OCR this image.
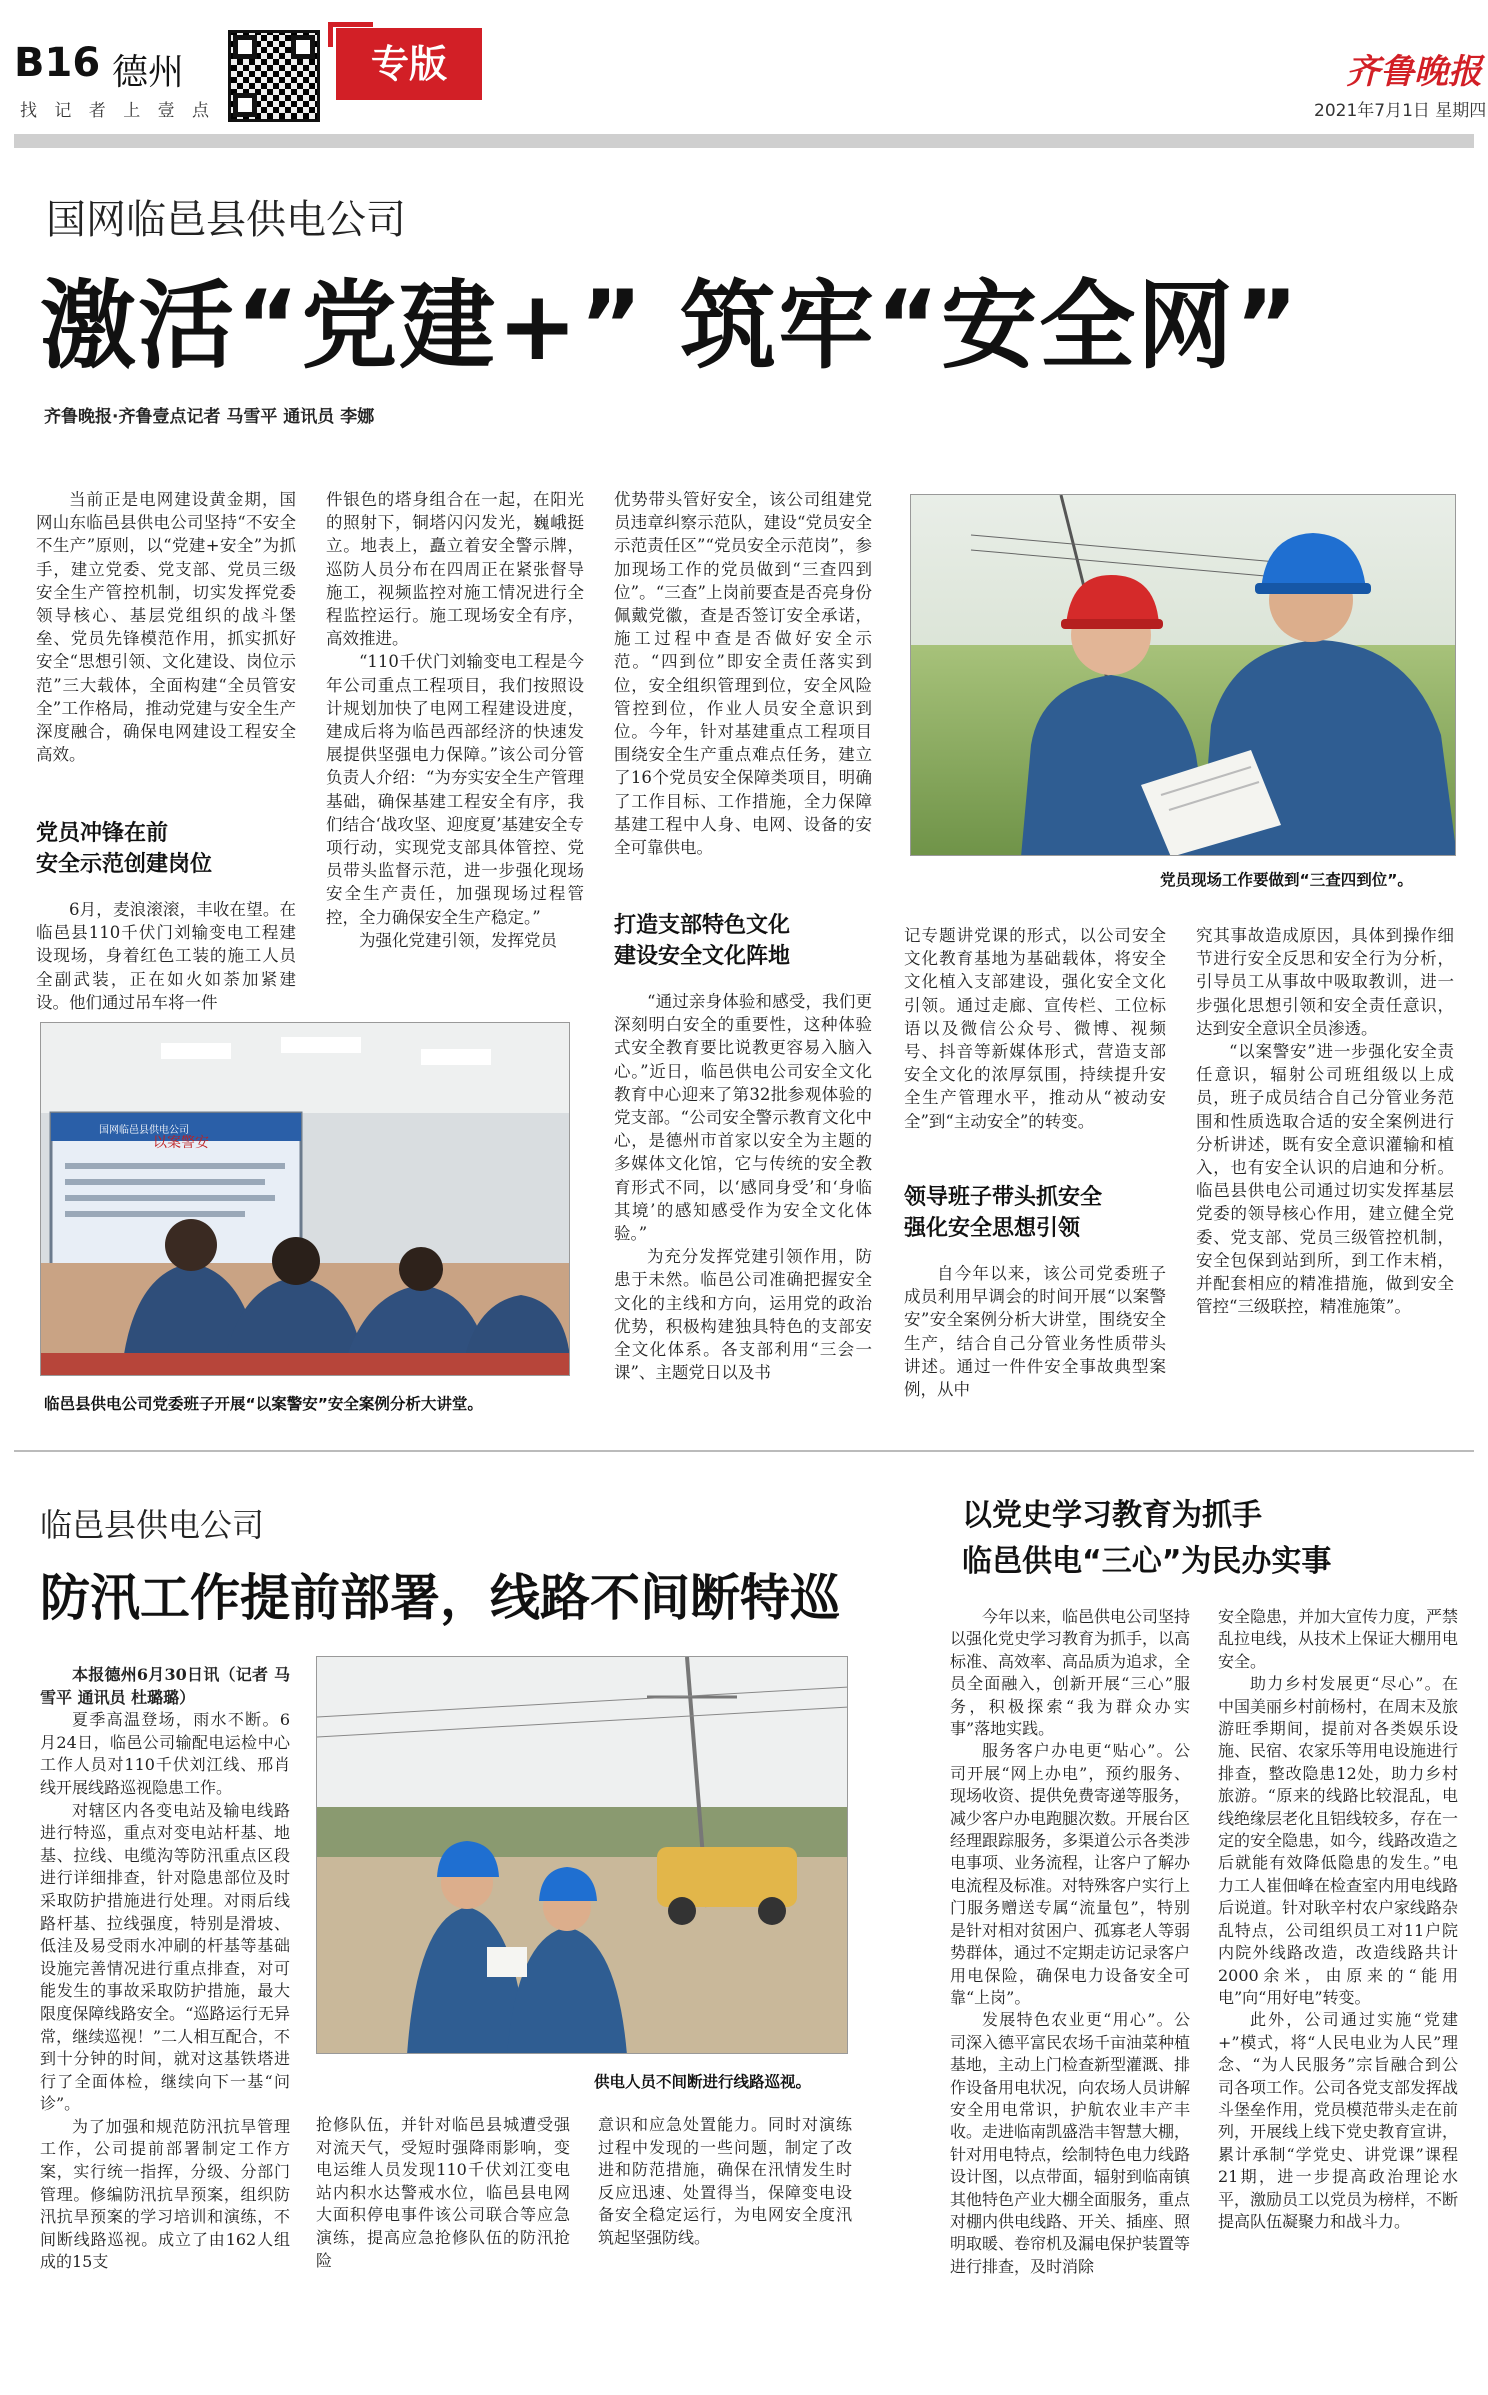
B16 德州
找 记 者 上 壹 点
专版	齐鲁晚报
2021年7月1日 星期四
国网临邑县供电公司
激活“党建+” 筑牢“安全网”
齐鲁晚报·齐鲁壹点记者 马雪平 通讯员 李娜

当前正是电网建设黄金期，国网山东临邑县供电公司坚持“不安全不生产”原则，以“党建+安全”为抓手，建立党委、党支部、党员三级安全生产管控机制，切实发挥党委领导核心、基层党组织的战斗堡垒、党员先锋模范作用，抓实抓好安全“思想引领、文化建设、岗位示范”三大载体，全面构建“全员管安全”工作格局，推动党建与安全生产深度融合，确保电网建设工程安全高效。

党员冲锋在前
安全示范创建岗位

6月，麦浪滚滚，丰收在望。在临邑县110千伏门刘输变电工程建设现场，身着红色工装的施工人员全副武装，正在如火如荼加紧建设。他们通过吊车将一件

件银色的塔身组合在一起，在阳光的照射下，铜塔闪闪发光，巍峨挺立。地表上，矗立着安全警示牌，巡防人员分布在四周正在紧张督导施工，视频监控对施工情况进行全程监控运行。施工现场安全有序，高效推进。

“110千伏门刘输变电工程是今年公司重点工程项目，我们按照设计规划加快了电网工程建设进度，建成后将为临邑西部经济的快速发展提供坚强电力保障。”该公司分管负责人介绍：“为夯实安全生产管理基础，确保基建工程安全有序，我们结合‘战攻坚、迎度夏’基建安全专项行动，实现党支部具体管控、党员带头监督示范，进一步强化现场安全生产责任，加强现场过程管控，全力确保安全生产稳定。”

为强化党建引领，发挥党员

优势带头管好安全，该公司组建党员违章纠察示范队，建设“党员安全示范责任区”“党员安全示范岗”，参加现场工作的党员做到“三查四到位”。“三查”上岗前要查是否亮身份佩戴党徽，查是否签订安全承诺，施工过程中查是否做好安全示范。“四到位”即安全责任落实到位，安全组织管理到位，安全风险管控到位，作业人员安全意识到位。今年，针对基建重点工程项目围绕安全生产重点难点任务，建立了16个党员安全保障类项目，明确了工作目标、工作措施，全力保障基建工程中人身、电网、设备的安全可靠供电。

打造支部特色文化
建设安全文化阵地

“通过亲身体验和感受，我们更深刻明白安全的重要性，这种体验式安全教育要比说教更容易入脑入心。”近日，临邑供电公司安全文化教育中心迎来了第32批参观体验的党支部。“公司安全警示教育文化中心，是德州市首家以安全为主题的多媒体文化馆，它与传统的安全教育形式不同，以‘感同身受’和‘身临其境’的感知感受作为安全文化体验。”

为充分发挥党建引领作用，防患于未然。临邑公司准确把握安全文化的主线和方向，运用党的政治优势，积极构建独具特色的支部安全文化体系。各支部利用“三会一课”、主题党日以及书

党员现场工作要做到“三查四到位”。

记专题讲党课的形式，以公司安全文化教育基地为基础载体，将安全文化植入支部建设，强化安全文化引领。通过走廊、宣传栏、工位标语以及微信公众号、微博、视频号、抖音等新媒体形式，营造支部安全文化的浓厚氛围，持续提升安全生产管理水平，推动从“被动安全”到“主动安全”的转变。

领导班子带头抓安全
强化安全思想引领

自今年以来，该公司党委班子成员利用早调会的时间开展“以案警安”安全案例分析大讲堂，围绕安全生产，结合自己分管业务性质带头讲述。通过一件件安全事故典型案例，从中

究其事故造成原因，具体到操作细节进行安全反思和安全行为分析，引导员工从事故中吸取教训，进一步强化思想引领和安全责任意识，达到安全意识全员渗透。

“以案警安”进一步强化安全责任意识，辐射公司班组级以上成员，班子成员结合自己分管业务范围和性质选取合适的安全案例进行分析讲述，既有安全意识灌输和植入，也有安全认识的启迪和分析。临邑县供电公司通过切实发挥基层党委的领导核心作用，建立健全党委、党支部、党员三级管控机制，安全包保到站到所，到工作末梢，并配套相应的精准措施，做到安全管控“三级联控，精准施策”。

以案警安
国网临邑县供电公司
临邑县供电公司党委班子开展“以案警安”安全案例分析大讲堂。
临邑县供电公司
防汛工作提前部署，线路不间断特巡

本报德州6月30日讯（记者 马雪平 通讯员 杜璐璐）

夏季高温登场，雨水不断。6月24日，临邑公司输配电运检中心工作人员对110千伏刘江线、邢肖线开展线路巡视隐患工作。

对辖区内各变电站及输电线路进行特巡，重点对变电站杆基、地基、拉线、电缆沟等防汛重点区段进行详细排查，针对隐患部位及时采取防护措施进行处理。对雨后线路杆基、拉线强度，特别是滑坡、低洼及易受雨水冲刷的杆基等基础设施完善情况进行重点排查，对可能发生的事故采取防护措施，最大限度保障线路安全。“巡路运行无异常，继续巡视！”二人相互配合，不到十分钟的时间，就对这基铁塔进行了全面体检，继续向下一基“问诊”。

为了加强和规范防汛抗旱管理工作，公司提前部署制定工作方案，实行统一指挥，分级、分部门管理。修编防汛抗旱预案，组织防汛抗旱预案的学习培训和演练，不间断线路巡视。成立了由162人组成的15支

供电人员不间断进行线路巡视。

抢修队伍，并针对临邑县城遭受强对流天气，受短时强降雨影响，变电运维人员发现110千伏刘江变电站内积水达警戒水位，临邑县电网大面积停电事件该公司联合等应急演练，提高应急抢修队伍的防汛抢险

意识和应急处置能力。同时对演练过程中发现的一些问题，制定了改进和防范措施，确保在汛情发生时反应迅速、处置得当，保障变电设备安全稳定运行，为电网安全度汛筑起坚强防线。

以党史学习教育为抓手
临邑供电“三心”为民办实事

今年以来，临邑供电公司坚持以强化党史学习教育为抓手，以高标准、高效率、高品质为追求，全员全面融入，创新开展“三心”服务，积极探索“我为群众办实事”落地实践。

服务客户办电更“贴心”。公司开展“网上办电”，预约服务、现场收资、提供免费寄递等服务，减少客户办电跑腿次数。开展台区经理跟踪服务，多渠道公示各类涉电事项、业务流程，让客户了解办电流程及标准。对特殊客户实行上门服务赠送专属“流量包”，特别是针对相对贫困户、孤寡老人等弱势群体，通过不定期走访记录客户用电保险，确保电力设备安全可靠“上岗”。

发展特色农业更“用心”。公司深入德平富民农场千亩油菜种植基地，主动上门检查新型灌溉、排作设备用电状况，向农场人员讲解安全用电常识，护航农业丰产丰收。走进临南凯盛浩丰智慧大棚，针对用电特点，绘制特色电力线路设计图，以点带面，辐射到临南镇其他特色产业大棚全面服务，重点对棚内供电线路、开关、插座、照明取暖、卷帘机及漏电保护装置等进行排查，及时消除

安全隐患，并加大宣传力度，严禁乱拉电线，从技术上保证大棚用电安全。

助力乡村发展更“尽心”。在中国美丽乡村前杨村，在周末及旅游旺季期间，提前对各类娱乐设施、民宿、农家乐等用电设施进行排查，整改隐患12处，助力乡村旅游。“原来的线路比较混乱，电线绝缘层老化且铝线较多，存在一定的安全隐患，如今，线路改造之后就能有效降低隐患的发生。”电力工人崔佃峰在检查室内用电线路后说道。针对耿辛村农户家线路杂乱特点，公司组织员工对11户院内院外线路改造，改造线路共计2000余米，由原来的“能用电”向“用好电”转变。

此外，公司通过实施“党建+”模式，将“人民电业为人民”理念、“为人民服务”宗旨融合到公司各项工作。公司各党支部发挥战斗堡垒作用，党员模范带头走在前列，开展线上线下党史教育宣讲，累计承制“学党史、讲党课”课程21期，进一步提高政治理论水平，激励员工以党员为榜样，不断提高队伍凝聚力和战斗力。
